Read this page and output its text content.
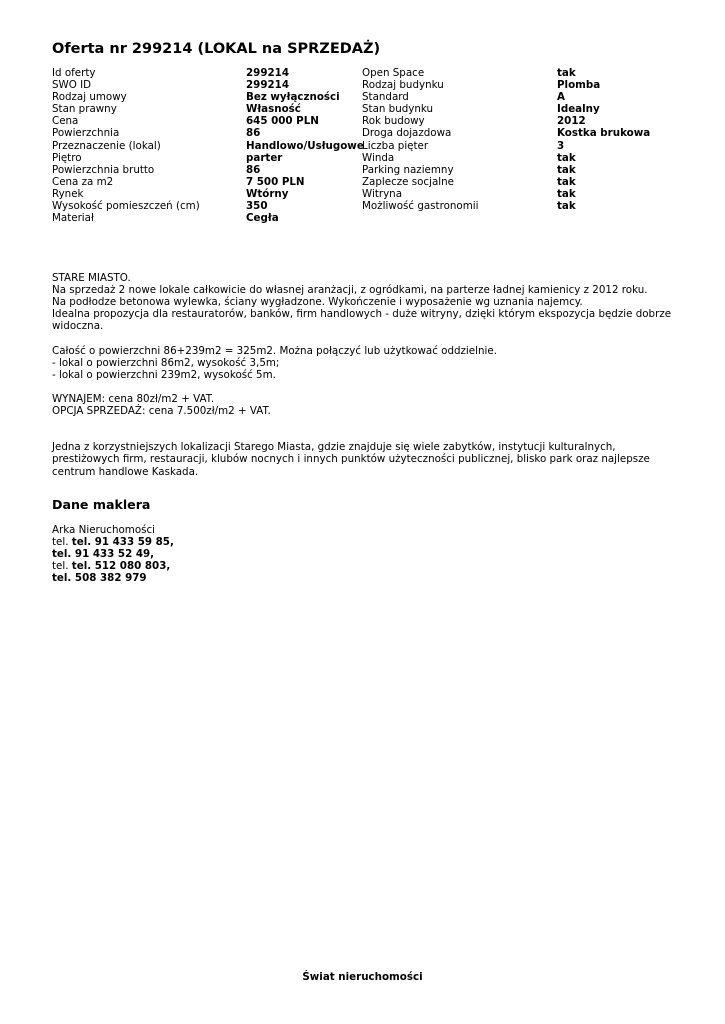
Oferta nr 299214 (LOKAL na SPRZEDAŻ)
Id oferty
SWO ID
Rodzaj umowy
Stan prawny
Cena
Powierzchnia
Przeznaczenie (lokal)
Piętro
Powierzchnia brutto
Cena za m2
Rynek
Wysokość pomieszczeń (cm)
Materiał
299214
299214
Bez wyłączności
Własność
645 000 PLN
86
Handlowo/Usługowe
parter
86
7 500 PLN
Wtórny
350
Cegła
Open Space
Rodzaj budynku
Standard
Stan budynku
Rok budowy
Droga dojazdowa
Liczba pięter
Winda
Parking naziemny
Zaplecze socjalne
Witryna
Możliwość gastronomii
tak
Plomba
A
Idealny
2012
Kostka brukowa
3
tak
tak
tak
tak
tak

STARE MIASTO.

Na sprzedaż 2 nowe lokale całkowicie do własnej aranżacji, z ogródkami, na parterze ładnej kamienicy z 2012 roku.

Na podłodze betonowa wylewka, ściany wygładzone. Wykończenie i wyposażenie wg uznania najemcy.

Idealna propozycja dla restauratorów, banków, firm handlowych - duże witryny, dzięki którym ekspozycja będzie dobrze widoczna.

Całość o powierzchni 86+239m2 = 325m2. Można połączyć lub użytkować oddzielnie.

- lokal o powierzchni 86m2, wysokość 3,5m;

- lokal o powierzchni 239m2, wysokość 5m.

WYNAJEM: cena 80zł/m2 + VAT.

OPCJA SPRZEDAŻ: cena 7.500zł/m2 + VAT.

Jedna z korzystniejszych lokalizacji Starego Miasta, gdzie znajduje się wiele zabytków, instytucji kulturalnych, prestiżowych firm, restauracji, klubów nocnych i innych punktów użyteczności publicznej, blisko park oraz najlepsze centrum handlowe Kaskada.

Dane maklera
Arka Nieruchomości
tel. tel. 91 433 59 85,
tel. 91 433 52 49,
tel. tel. 512 080 803,
tel. 508 382 979
Świat nieruchomości
